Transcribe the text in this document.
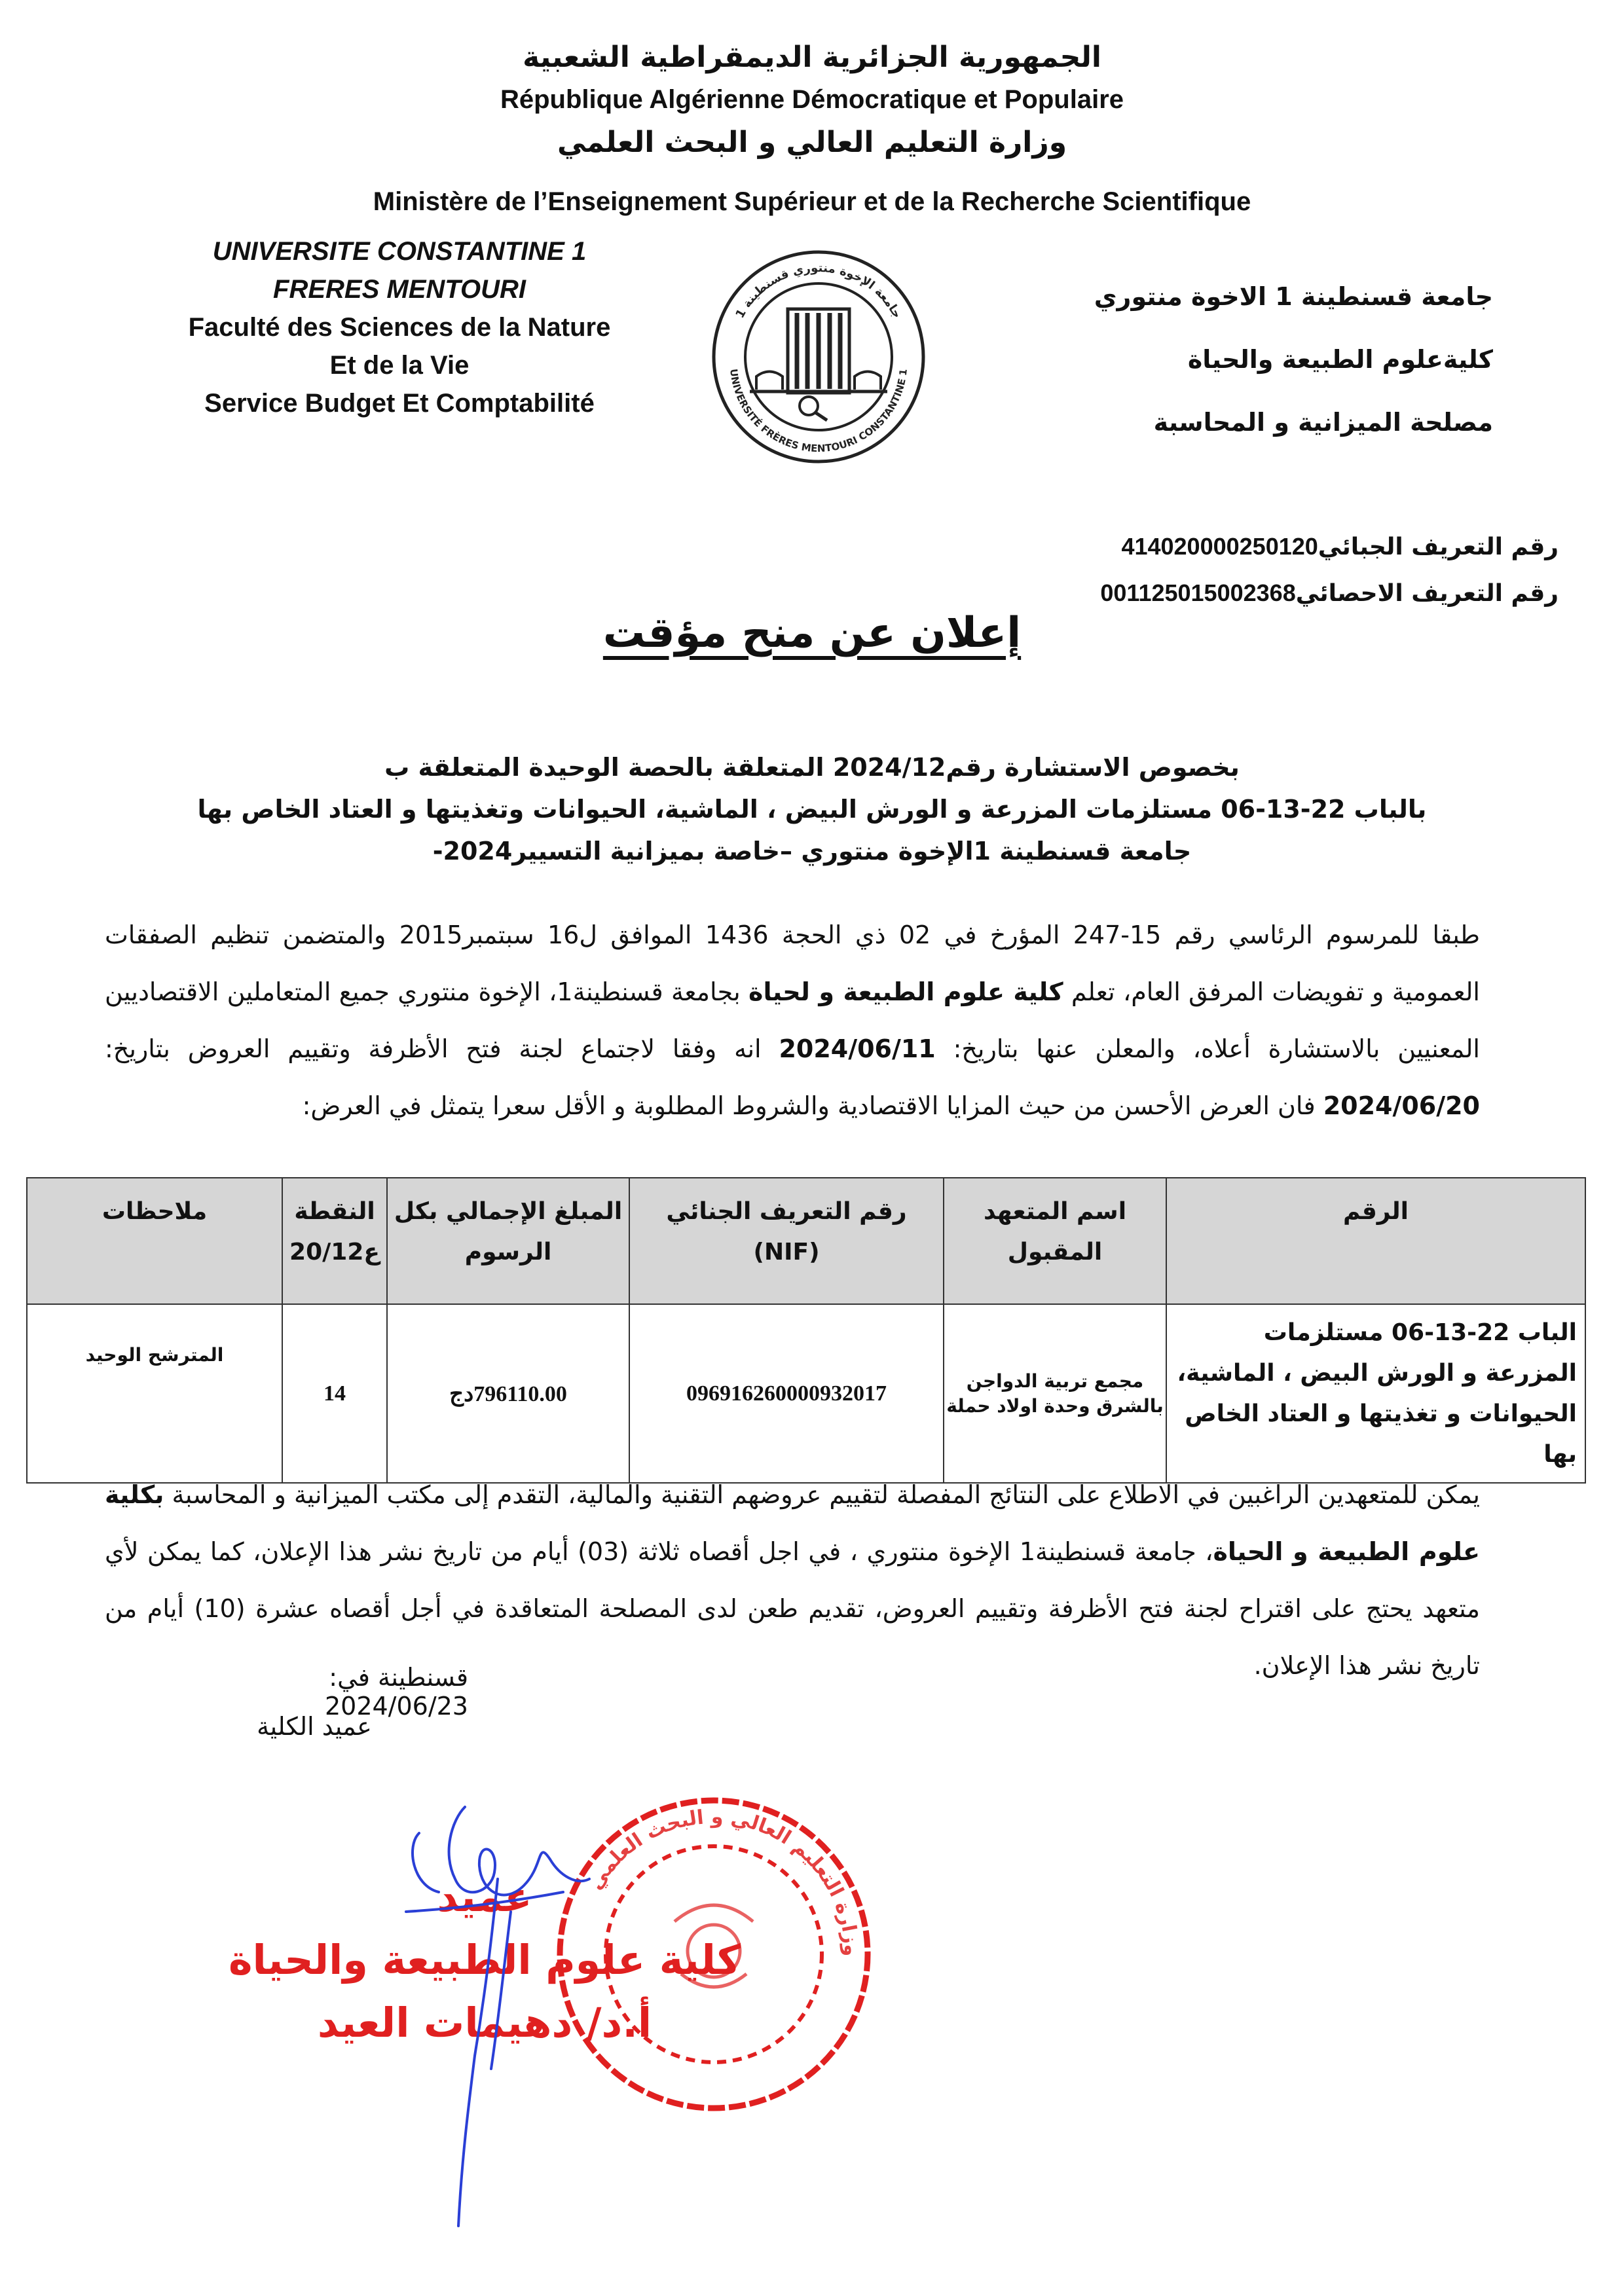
الجمهورية الجزائرية الديمقراطية الشعبية
République Algérienne Démocratique et Populaire
وزارة التعليم العالي و البحث العلمي
Ministère de l’Enseignement Supérieur et de la Recherche Scientifique
UNIVERSITE CONSTANTINE 1
FRERES MENTOURI
Faculté des Sciences de la Nature
Et de la Vie
Service Budget Et Comptabilité
جامعة قسنطينة 1 الاخوة منتوري
كليةعلوم الطبيعة والحياة
مصلحة الميزانية و المحاسبة
جامعة الإخوة منتوري قسنطينة 1
UNIVERSITÉ FRÈRES MENTOURI CONSTANTINE 1
رقم التعريف الجبائي414020000250120
رقم التعريف الاحصائي001125015002368
إعلان عن منح مؤقت
بخصوص الاستشارة رقم2024/12 المتعلقة بالحصة الوحيدة المتعلقة ب
بالباب 22-13-06 مستلزمات المزرعة و الورش البيض ، الماشية، الحيوانات وتغذيتها و العتاد الخاص بها
جامعة قسنطينة 1الإخوة منتوري –خاصة بميزانية التسيير2024-
طبقا للمرسوم الرئاسي رقم 15-247 المؤرخ في 02 ذي الحجة 1436 الموافق ل16 سبتمبر2015 والمتضمن تنظيم الصفقات العمومية و تفويضات المرفق العام، تعلم كلية علوم الطبيعة و لحياة بجامعة قسنطينة1، الإخوة منتوري جميع المتعاملين الاقتصاديين المعنيين بالاستشارة أعلاه، والمعلن عنها بتاريخ: 2024/06/11 انه وفقا لاجتماع لجنة فتح الأظرفة وتقييم العروض بتاريخ: 2024/06/20 فان العرض الأحسن من حيث المزايا الاقتصادية والشروط المطلوبة و الأقل سعرا يتمثل في العرض:
الرقم	اسم المتعهد المقبول	رقم التعريف الجنائي (NIF)	المبلغ الإجمالي بكل الرسوم	النقطة ع20/12	ملاحظات
الباب 22-13-06 مستلزمات المزرعة و الورش البيض ، الماشية، الحيوانات و تغذيتها و العتاد الخاص بها	مجمع تربية الدواجن بالشرق وحدة اولاد حملة	096916260000932017	796110.00دج	14	المترشح الوحيد
يمكن للمتعهدين الراغبين في الاطلاع على النتائج المفصلة لتقييم عروضهم التقنية والمالية، التقدم إلى مكتب الميزانية و المحاسبة بكلية علوم الطبيعة و الحياة، جامعة قسنطينة1 الإخوة منتوري ، في اجل أقصاه ثلاثة (03) أيام من تاريخ نشر هذا الإعلان، كما يمكن لأي متعهد يحتج على اقتراح لجنة فتح الأظرفة وتقييم العروض، تقديم طعن لدى المصلحة المتعاقدة في أجل أقصاه عشرة (10) أيام من تاريخ نشر هذا الإعلان.
قسنطينة في: 2024/06/23
عميد الكلية
وزارة التعليم العالي و البحث العلمي
عميد
كلية علوم الطبيعة والحياة
أ.د/ دهيمات العيد
